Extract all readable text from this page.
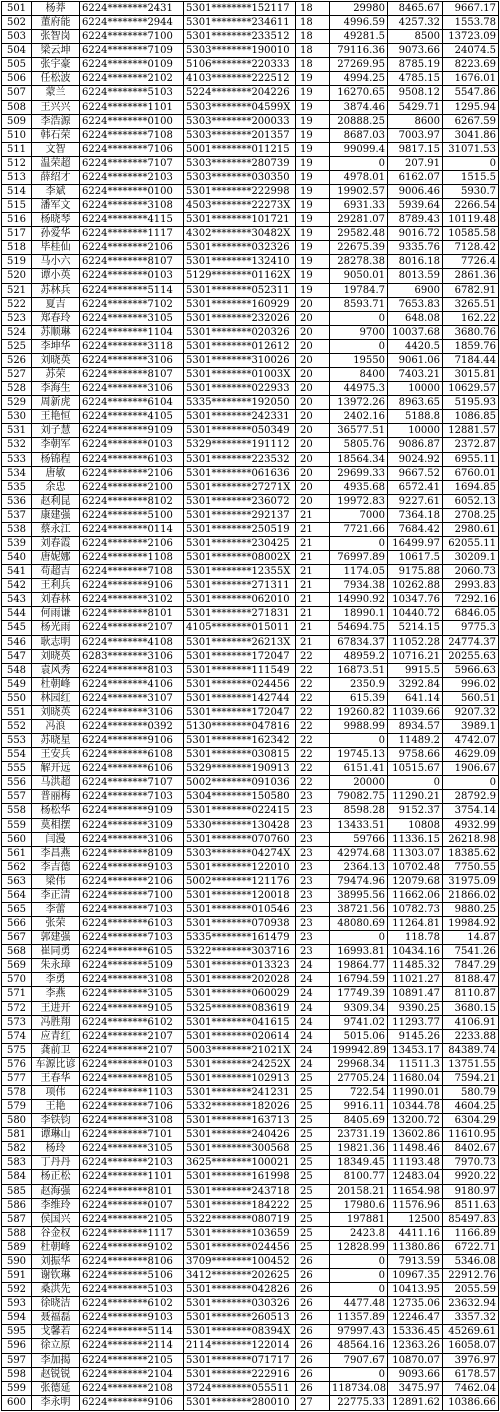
501	杨莽	6224********2431	5301********152117	18	29980	8465.67	9667.17
502	董府能	6224********2944	5301********234611	18	4996.59	4257.32	1553.78
503	张智岗	6224********7100	5301********233512	18	49281.5	8500 13723.09
504	梁云坤	6224********7109	5303********190010	18	79116.36	9073.66	24074.5
505	张宇豪	6224********0109	5106********220333	18	27269.95	8785.19	8223.69
506	任松波	6224********2102	4103********222512	19	4994.25	4785.15	1676.01
507	蒙兰	6224********5103	5224********204226	19	16270.65	9508.12	5547.86
508	王兴兴	6224********1101	5303********04599X 19	3874.46	5429.71	1295.94
509	李浩源	6224********0100	5303********200033	19	20888.25	8600	6267.59
510	韩石荣	6224********7108	5303********201357	19	8687.03	7003.97	3041.86
511	文智	6224********7106	5001********011215	19	99099.4	9817.15 31071.53
512	温荣超	6224********7107	5303********280739	19	0	207.91	0
513	薛绍才	6224********2103	5303********030350	19	4978.01	6162.07	1515.5
514	李斌	6224********0100	5301********222998	19	19902.57	9006.46	5930.7
515	潘军文	6224********3108	4503********22273X 19	6931.33	5939.64	2266.54
516	杨晓琴	6224********4115	5301********101721	19	29281.07	8789.43 10119.48
517	孙爱华	6224********1117	4302********30482X 19	29582.48	9016.72 10585.58
518	毕桂仙	6224********2106	5301********032326	19	22675.39	9335.76	7128.42
519	马小六	6224********8107	5301********132410	19	28278.38	8016.18	7726.4
520	谭小英	6224********0103	5129********01162X 19	9050.01	8013.59	2861.36
521	苏林兵	6224********5114	5301********052311	19	19784.7	6900	6782.91
522	夏吉	6224********7102	5301********160929	20	8593.71	7653.83	3265.51
523	郑春玲	6224********3105	5301********232026	20	0	648.08	162.22
524	苏顺琳	6224********1104	5301********020326	20	9700 10037.68	3680.76
525	李坤华	6224********3118	5301********012612	20	0	4420.5	1859.76
526	刘晓英	6224********3106	5301********310026	20	19550	9061.06	7184.44
527	苏荣	6224********8107	5301********01003X 20	8400	7403.21	3015.81
528	李海生	6224********3106	5301********022933	20	44975.3	10000 10629.57
529	周新虎	6224********6104	5335********192050	20	13972.26	8963.65	5195.93
530	王艳恒	6224********4105	5301********242331	20	2402.16	5188.8	1086.85
531	刘子慧	6224********9109	5301********050349	20	36577.51	10000 12881.57
532	李朝军	6224********0103	5329********191112	20	5805.76	9086.87	2372.87
533	杨锦程	6224********6103	5301********223532	20	18564.34	9024.92	6955.11
534	唐敏	6224********2106	5301********061636	20	29699.33	9667.52	6760.01
535	余忠	6224********2100	5301********27271X 20	4935.68	6572.41	1694.85
536	赵利昆	6224********8102	5301********236072	20	19972.83	9227.61	6052.13
537	康建强	6224********5100	5301********292137	21	7000	7364.18	2708.25
538	蔡永江	6224********0114	5301********250519	21	7721.66	7684.42	2980.61
539	刘春霞	6224********2106	5301********230425	21	0 16499.97 62055.11
540	唐妮娜	6224********1108	5301********08002X 21	76997.89	10617.5	30209.1
541	苟超吉	6224********7108	5301********12355X 21	1174.05	9175.88	2060.73
542	王利兵	6224********9106	5301********271311	21	7934.38 10262.88	2993.83
543	刘春林	6224********3102	5301********062010	21	14990.92 10347.76	7292.16
544	何雨谦	6224********8101	5301********271831	21	18990.1 10440.72	6846.05
545	杨光雨	6224********2107	4105********015011	21	54694.75	5214.15	9775.3
546	耿志明	6224********4108	5301********26213X 21	67834.37 11052.28 24774.37
547	刘晓英	6283********3106	5301********172047	22	48959.2 10716.21 20255.63
548	袁风秀	6224********8103	5301********111549	22	16873.51	9915.5	5966.63
549	杜朝峰	6224********4106	5301********024456	22	2350.9	3292.84	996.02
550	林园红	6224********3107	5301********142744	22	615.39	641.14	560.51
551	刘晓英	6224********3106	5301********172047	22	19260.82 11039.66	9207.32
552	冯浪	6224********0392	5130********047816	22	9988.99	8934.57	3989.1
553	苏晓星	6224********9106	5301********162342	22	0	11489.2	4742.07
554	王安兵	6224********6108	5301********030815	22	19745.13	9758.66	4629.09
555	解开远	6224********6106	5329********190913	22	6151.41 10515.67	1906.67
556	马洪超	6224********7107	5002********091036	22	20000	0	0
557	普丽梅	6224********7103	5304********150580	23	79082.75 11290.21	28792.9
558	杨松华	6224********9109	5301********022415	23	8598.28	9152.37	3754.14
559	莫相摆	6224********3109	5330********130428	23	13433.51	10808	4932.99
560	闫漫	6224********3106	5301********070760	23	59766 11336.15 26218.98
561	李昌燕	6224********8109	5303********04274X 23	42974.68 11303.07 18385.62
562	李吉德	6224********9103	5301********122010	23	2364.13 10702.48	7750.55
563	梁伟	6224********2106	5002********121176	23	79474.96 12079.68 31975.09
564	李正清	6224********7100	5301********120018	23	38995.56 11662.06 21866.02
565	李蕾	6224********7103	5301********010546	23	38721.56 10782.73	9880.25
566	张荣	6224********6103	5301********070938	23	48080.69 11264.81 19984.92
567	郭建强	6224********7103	5335********161479	23	0	118.78	14.87
568	崔同勇	6224********6105	5322********303716	23	16993.81 10434.16	7541.26
569	朱永璋	6224********5109	5301********013323	24	19864.77 11485.32	7847.29
570	李勇	6224********3108	5301********202028	24	16794.59 11021.27	8188.47
571	李燕	6224********3105	5301********060029	24	17749.39 10891.47	8110.87
572	王进开	6224********9105	5325********083619	24	9309.34	9390.25	3680.15
573	冯胜翔	6224********6102	5301********041615	24	9741.02 11293.77	4106.91
574	应青红	6224********2107	5301********020614	24	5015.06	9145.26	2233.88
575	龚前卫	6224********2107	5003********21021X 24	199942.89 13453.17 84389.74
576 车源比谚 6224********0103	5301********24252X 24	29968.34	11511.3 13751.55
577	王春华	6224********8105	5301********102913	25	27705.24 11680.04	7594.21
578	项伟	6224********1103	5301********241231	25	722.54 11990.01	580.79
579	王艳	6224********7106	5332********182026	25	9916.11 10344.78	4604.25
580	李铁钧	6224********3108	5301********163713	25	8405.69 13200.72	6304.29
581	谭琳山	6224********7101	5301********240426	25	23731.19 13602.86 11610.95
582	杨玲	6224********3105	5301********300568	25	19821.36 11498.46	8402.67
583	丁丹丹	6224********2103	3625********100021	25	18349.45 11193.48	7970.73
584	杨正松	6224********1101	5301********161998	25	8100.77 12483.04	9920.22
585	赵海强	6224********8101	5301********243718	25	20158.21 11654.98	9180.97
586	李维玲	6224********0107	5301********184222	25	17980.6 11576.96	8511.63
587	侯国兴	6224********2105	5322********080719	25	197881	12500 85497.83
588	谷金权	6224********1117	5301********103659	25	2423.8	4411.16	1166.89
589	杜朝峰	6224********9102	5301********024456	25	12828.99 11380.86	6722.71
590	刘振华	6224********8106	3709********100452	26	0	7913.59	5346.08
591	谢钦琳	6224********5106	3412********202625	26	0 10967.35 22912.76
592	桑洪先	6224********5103	5301********042826	26	0 10413.95	2055.59
593	徐晓洁	6224********6102	5301********030326	26	4477.48 12735.06 23632.94
594	聂福磊	6224********9103	5301********260513	26	11357.89 12246.47	3357.32
595	戈馨若	6224********5114	5301********08394X 26	97997.43 15336.45 45269.61
596	徐立原	6224********2114	2114********122014	26	48564.16 12363.26 16058.07
597	李加揭	6224********2105	5301********071717	26	7907.67 10870.07	3976.97
598	赵锐锐	6224********2104	5301********222916	26	0	9093.66	6178.57
599	张德延	6224********2108	3724********055511	26	118734.08	3475.97	7462.04
600	李永明	6224********9106	5301********280010	27	22775.33 12891.62 10386.66
